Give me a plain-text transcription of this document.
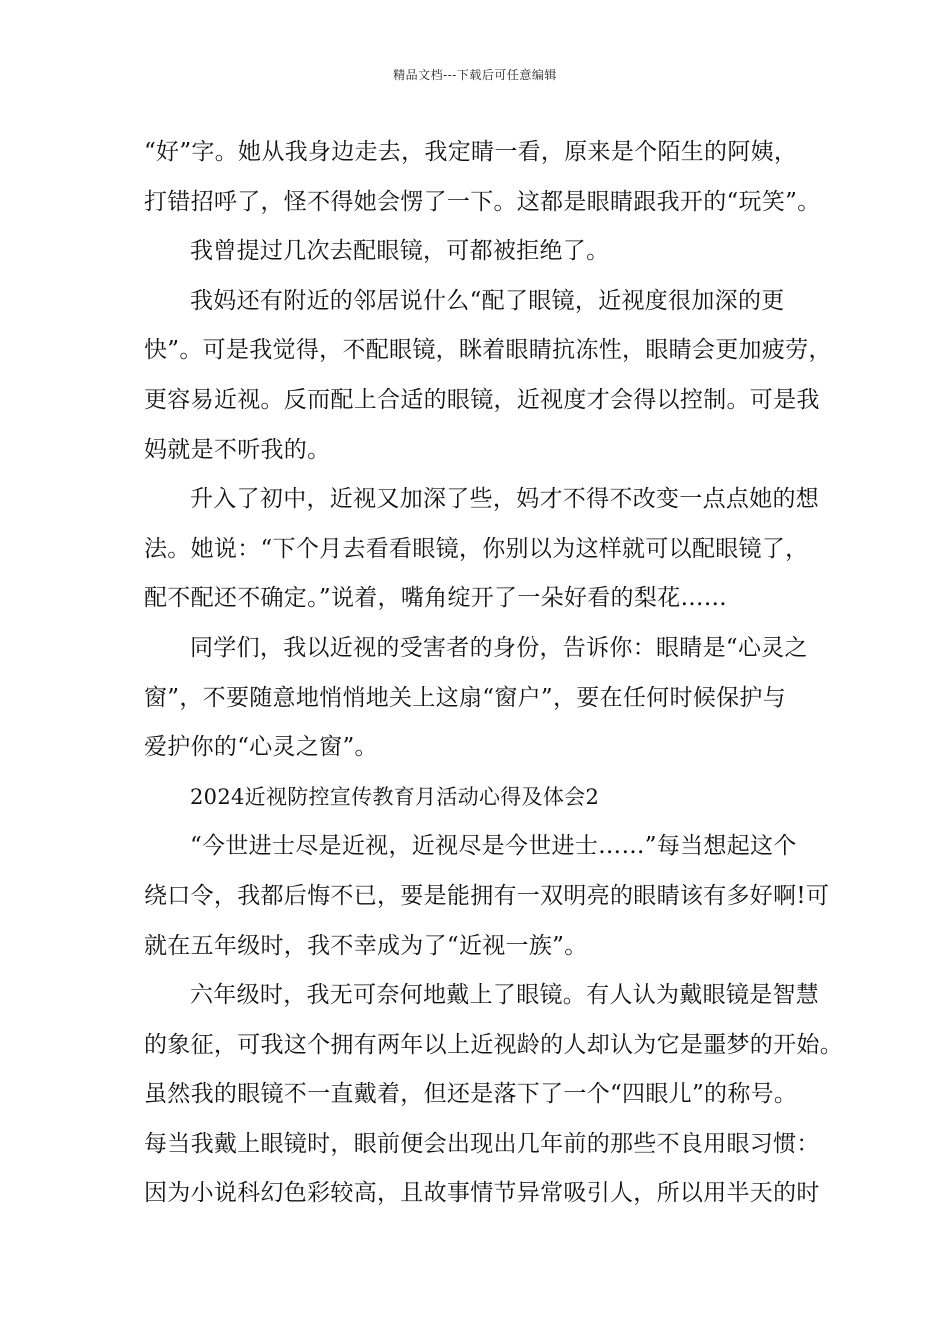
精品文档---下载后可任意编辑
“好”字。她从我身边走去，我定睛一看，原来是个陌生的阿姨，
打错招呼了，怪不得她会愣了一下。这都是眼睛跟我开的“玩笑”。
我曾提过几次去配眼镜，可都被拒绝了。
我妈还有附近的邻居说什么“配了眼镜，近视度很加深的更
快”。可是我觉得，不配眼镜，眯着眼睛抗冻性，眼睛会更加疲劳，
更容易近视。反而配上合适的眼镜，近视度才会得以控制。可是我
妈就是不听我的。
升入了初中，近视又加深了些，妈才不得不改变一点点她的想
法。她说：“下个月去看看眼镜，你别以为这样就可以配眼镜了，
配不配还不确定。”说着，嘴角绽开了一朵好看的梨花……
同学们，我以近视的受害者的身份，告诉你：眼睛是“心灵之
窗”，不要随意地悄悄地关上这扇“窗户”，要在任何时候保护与
爱护你的“心灵之窗”。
2024近视防控宣传教育月活动心得及体会2
“今世进士尽是近视，近视尽是今世进士……”每当想起这个
绕口令，我都后悔不已，要是能拥有一双明亮的眼睛该有多好啊!可
就在五年级时，我不幸成为了“近视一族”。
六年级时，我无可奈何地戴上了眼镜。有人认为戴眼镜是智慧
的象征，可我这个拥有两年以上近视龄的人却认为它是噩梦的开始。
虽然我的眼镜不一直戴着，但还是落下了一个“四眼儿”的称号。
每当我戴上眼镜时，眼前便会出现出几年前的那些不良用眼习惯：
因为小说科幻色彩较高，且故事情节异常吸引人，所以用半天的时
